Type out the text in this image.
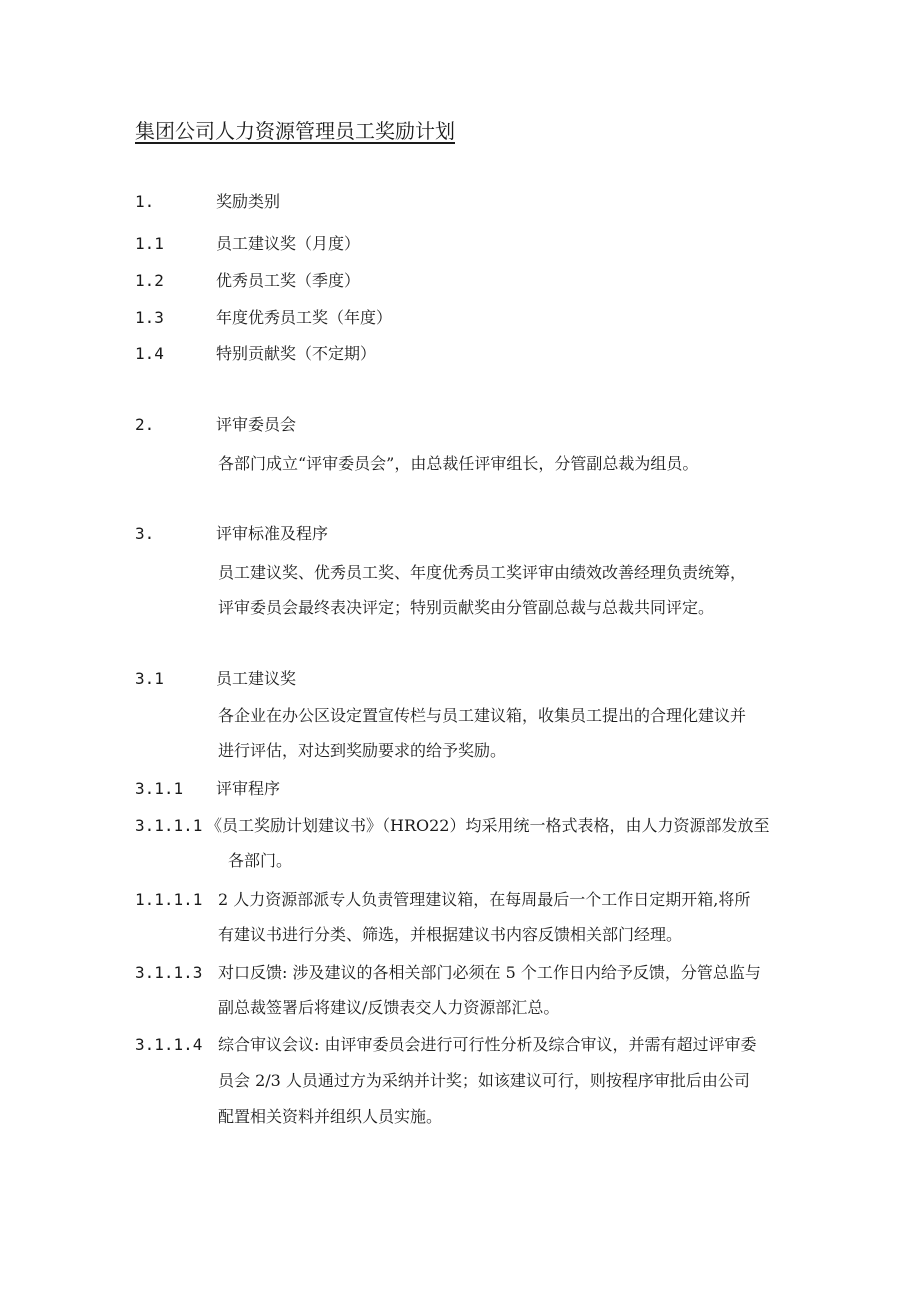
集团公司人力资源管理员工奖励计划
1.	奖励类别
1.1	员工建议奖（月度）
1.2	优秀员工奖（季度）
1.3	年度优秀员工奖（年度）
1.4	特别贡献奖（不定期）
2.	评审委员会
各部门成立“评审委员会”，由总裁任评审组长，分管副总裁为组员。
3.	评审标准及程序
员工建议奖、优秀员工奖、年度优秀员工奖评审由绩效改善经理负责统筹，
评审委员会最终表决评定；特别贡献奖由分管副总裁与总裁共同评定。
3.1	员工建议奖
各企业在办公区设定置宣传栏与员工建议箱，收集员工提出的合理化建议并
进行评估，对达到奖励要求的给予奖励。
3.1.1 评审程序
3.1.1.1 《员工奖励计划建议书》（HRO22）均采用统一格式表格，由人力资源部发放至
各部门。
1.1.1.1 2 人力资源部派专人负责管理建议箱，在每周最后一个工作日定期开箱,将所
有建议书进行分类、筛选，并根据建议书内容反馈相关部门经理。
3.1.1.3 对口反馈: 涉及建议的各相关部门必须在 5 个工作日内给予反馈，分管总监与
副总裁签署后将建议/反馈表交人力资源部汇总。
3.1.1.4 综合审议会议: 由评审委员会进行可行性分析及综合审议，并需有超过评审委
员会 2/3 人员通过方为采纳并计奖；如该建议可行，则按程序审批后由公司
配置相关资料并组织人员实施。
